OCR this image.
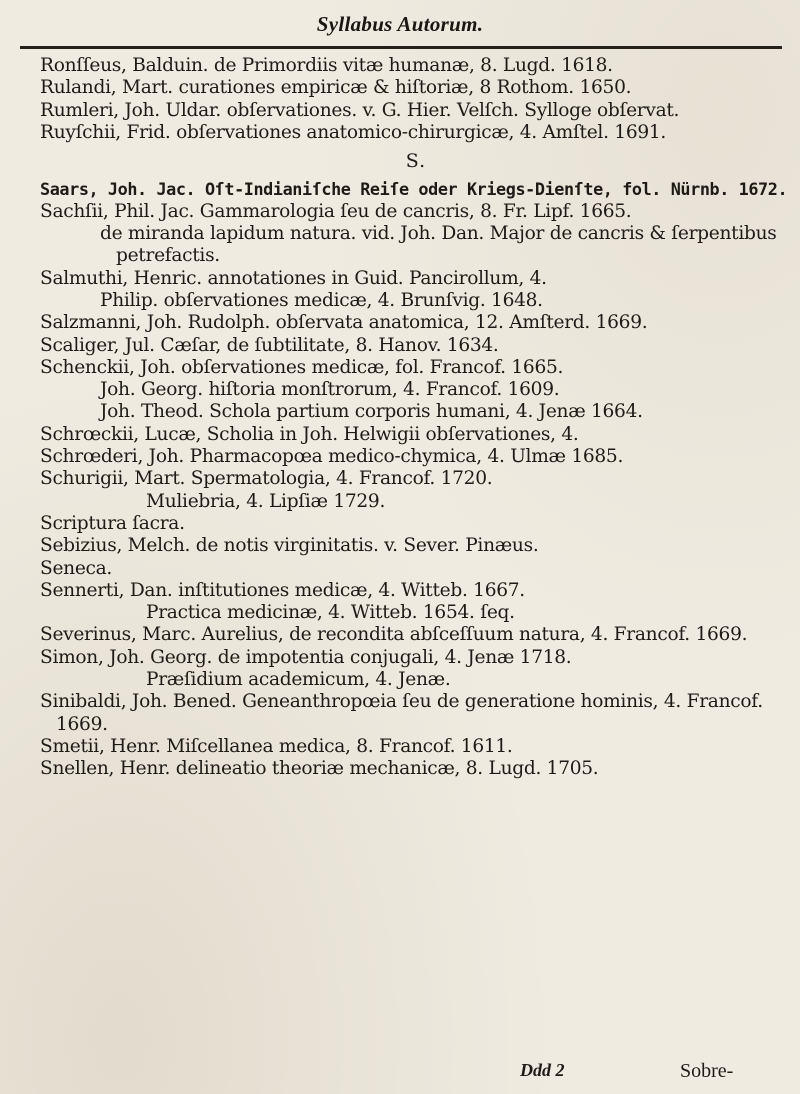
Syllabus Autorum.

Ronſſeus, Balduin. de Primordiis vitæ humanæ, 8. Lugd. 1618.

Rulandi, Mart. curationes empiricæ & hiſtoriæ, 8 Rothom. 1650.

Rumleri, Joh. Uldar. obſervationes. v. G. Hier. Velſch. Sylloge obſervat.

Ruyſchii, Frid. obſervationes anatomico-chirurgicæ, 4. Amſtel. 1691.

S.

Saars, Joh. Jac. Oſt-Indianiſche Reiſe oder Kriegs-Dienſte, fol. Nürnb. 1672.

Sachſii, Phil. Jac. Gammarologia ſeu de cancris, 8. Fr. Lipf. 1665.

de miranda lapidum natura. vid. Joh. Dan. Major de cancris & ſerpentibus petrefactis.

Salmuthi, Henric. annotationes in Guid. Pancirollum, 4.

Philip. obſervationes medicæ, 4. Brunſvig. 1648.

Salzmanni, Joh. Rudolph. obſervata anatomica, 12. Amſterd. 1669.

Scaliger, Jul. Cæſar, de ſubtilitate, 8. Hanov. 1634.

Schenckii, Joh. obſervationes medicæ, fol. Francof. 1665.

Joh. Georg. hiſtoria monſtrorum, 4. Francof. 1609.

Joh. Theod. Schola partium corporis humani, 4. Jenæ 1664.

Schrœckii, Lucæ, Scholia in Joh. Helwigii obſervationes, 4.

Schrœderi, Joh. Pharmacopœa medico-chymica, 4. Ulmæ 1685.

Schurigii, Mart. Spermatologia, 4. Francof. 1720.

Muliebria, 4. Lipſiæ 1729.

Scriptura ſacra.

Sebizius, Melch. de notis virginitatis. v. Sever. Pinæus.

Seneca.

Sennerti, Dan. inſtitutiones medicæ, 4. Witteb. 1667.

Practica medicinæ, 4. Witteb. 1654. ſeq.

Severinus, Marc. Aurelius, de recondita abſceſſuum natura, 4. Francof. 1669.

Simon, Joh. Georg. de impotentia conjugali, 4. Jenæ 1718.

Præſidium academicum, 4. Jenæ.

Sinibaldi, Joh. Bened. Geneanthropœia ſeu de generatione hominis, 4. Francof. 1669.

Smetii, Henr. Miſcellanea medica, 8. Francof. 1611.

Snellen, Henr. delineatio theoriæ mechanicæ, 8. Lugd. 1705.

Ddd 2	Sobre-
